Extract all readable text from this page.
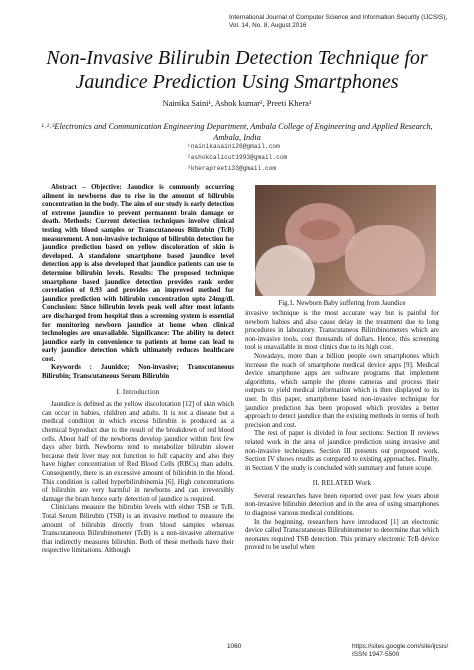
International Journal of Computer Science and Information Security (IJCSIS),
Vol. 14, No. 8, August 2016
Non-Invasive Bilirubin Detection Technique for Jaundice Prediction Using Smartphones
Nainika Saini¹, Ashok kumar², Preeti Khera³
¹˒²˒³Electronics and Communication Engineering Department, Ambala College of Engineering and Applied Research, Ambala, India
¹nainikasaini26@gmail.com
²ashokcalicut1993@gmail.com
³kherapreeti33@gmail.com

Abstract – Objective: Jaundice is commonly occurring ailment in newborns due to rise in the amount of bilirubin concentration in the body. The aim of our study is early detection of extreme jaundice to prevent permanent brain damage or death. Methods: Current detection techniques involve clinical testing with blood samples or Transcutaneous Bilirubin (TcB) measurement. A non-invasive technique of bilirubin detection for jaundice prediction based on yellow discoloration of skin is developed. A standalone smartphone based jaundice level detection app is also developed that jaundice patients can use to determine bilirubin levels. Results: The proposed technique smartphone based jaundice detection provides rank order correlation of 0.93 and provides an improved method for jaundice prediction with bilirubin concentration upto 24mg/dl. Conclusion: Since bilirubin levels peak well after most infants are discharged from hospital thus a screening system is essential for monitoring newborn jaundice at home when clinical technologies are unavailable. Significance: The ability to detect jaundice early in convenience to patients at home can lead to early jaundice detection which ultimately reduces healthcare cost.

Keywords : Jaunidce; Non-invasive; Transcutaneous Bilirubin; Transcutaneous Serum Bilirubin

I. Introduction

Jaundice is defined as the yellow discoloration [12] of skin which can occur in babies, children and adults. It is not a disease but a medical condition in which excess bilirubin is produced as a chemical byproduct due to the result of the breakdown of red blood cells. About half of the newborns develop jaundice within first few days after birth. Newborns tend to metabolize bilirubin slower because their liver may not function to full capacity and also they have higher concentration of Red Blood Cells (RBCs) than adults. Consequently, there is an excessive amount of bilirubin in the blood. This condition is called hyperbilirubinemia [6]. High concentrations of bilirubin are very harmful in newborns and can irreversibly damage the brain hence early detection of jaundice is required.

Clinicians measure the bilirubin levels with either TSB or TcB. Total Serum Bilirubin (TSB) is an invasive method to measure the amount of bilirubin directly from blood samples whereas Transcutaneous Bilirubinometer (TcB) is a non-invasive alternative that indirectly measures bilirubin. Both of these methods have their respective limitations. Although

Fig.1. Newborn Baby suffering from Jaundice

invasive technique is the most accurate way but is painful for newborn babies and also cause delay in the treatment due to long procedures in laboratory. Transcutaneos Bilirubinometers which are non-invasive tools, cost thousands of dollars. Hence, this screening tool is unavailable in most clinics due to its high cost.

Nowadays, more than a billion people own smartphones which increase the reach of smartphone medical device apps [9]. Medical device smartphone apps are software programs that implement algorithms, which sample the phone cameras and process their outputs to yield medical information which is then displayed to its user. In this paper, smartphone based non-invasive technique for jaundice prediction has been proposed which provides a better approach to detect jaundice than the existing methods in terms of both precision and cost.

The rest of paper is divided in four sections: Section II reviews related work in the area of jaundice prediction using invasive and non-invasive techniques. Section III presents our proposed work. Section IV shows results as compared to existing approaches. Finally, in Section V the study is concluded with summary and future scope.

II. RELATED Work

Several researches have been reported over past few years about non-invasive bilirubin detection and in the area of using smartphones to diagnose various medical conditions.

In the beginning, researchers have introduced [1] an electronic device called Transcutaneous Bilirubinometer to determine that which neonates required TSB detection. This primary electronic TcB device proved to be useful when

1060	https://sites.google.com/site/ijcsis/
ISSN 1947-5500
